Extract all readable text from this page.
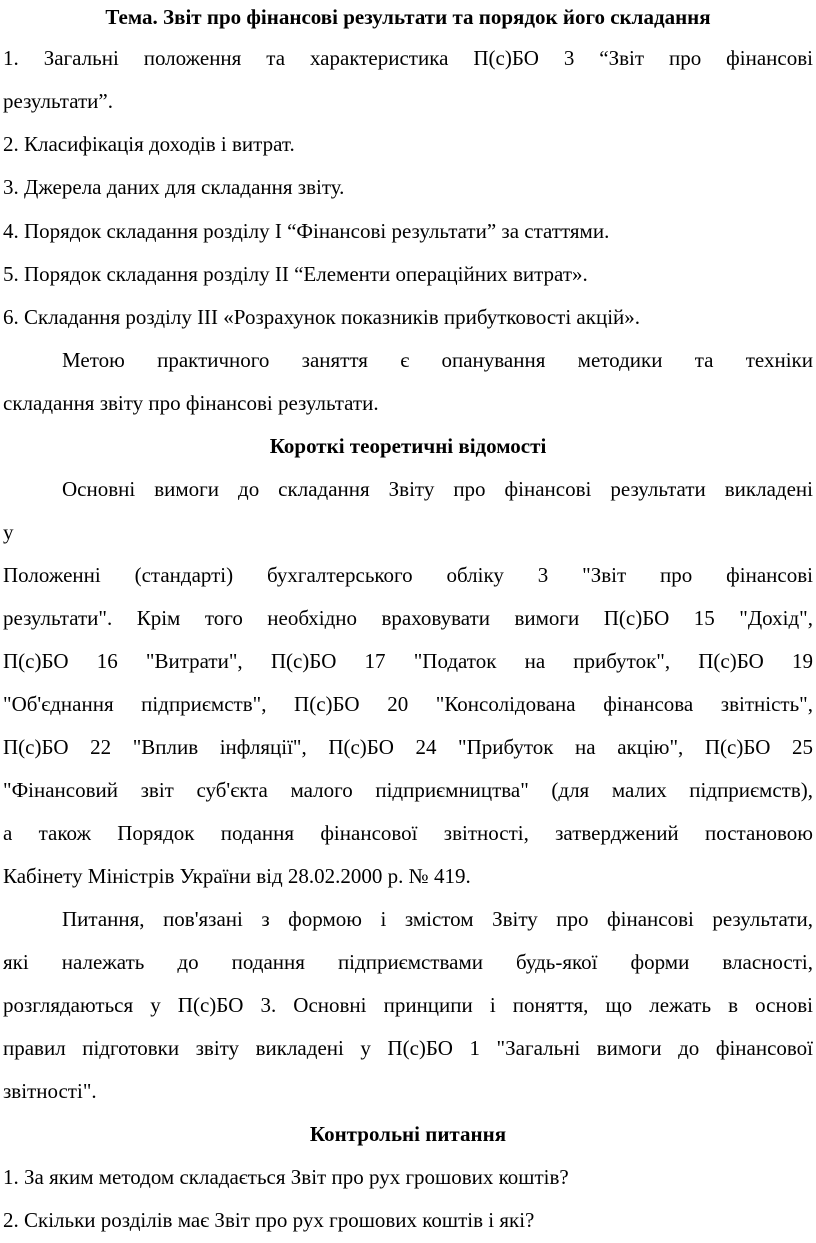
Тема. Звіт про фінансові результати та порядок його складання
1. Загальні положення та характеристика П(с)БО 3 “Звіт про фінансові
результати”.
2. Класифікація доходів і витрат.
3. Джерела даних для складання звіту.
4. Порядок складання розділу І “Фінансові результати” за статтями.
5. Порядок складання розділу ІІ “Елементи операційних витрат».
6. Складання розділу ІІІ «Розрахунок показників прибутковості акцій».
Метою практичного заняття є опанування методики та техніки
складання звіту про фінансові результати.
Короткі теоретичні відомості
Основні вимоги до складання Звіту про фінансові результати викладені
у
Положенні (стандарті) бухгалтерського обліку 3 "Звіт про фінансові
результати". Крім того необхідно враховувати вимоги П(с)БО 15 "Дохід",
П(с)БО 16 "Витрати", П(с)БО 17 "Податок на прибуток", П(с)БО 19
"Об'єднання підприємств", П(с)БО 20 "Консолідована фінансова звітність",
П(с)БО 22 "Вплив інфляції", П(с)БО 24 "Прибуток на акцію", П(с)БО 25
"Фінансовий звіт суб'єкта малого підприємництва" (для малих підприємств),
а також Порядок подання фінансової звітності, затверджений постановою
Кабінету Міністрів України від 28.02.2000 р. № 419.
Питання, пов'язані з формою і змістом Звіту про фінансові результати,
які належать до подання підприємствами будь-якої форми власності,
розглядаються у П(с)БО 3. Основні принципи і поняття, що лежать в основі
правил підготовки звіту викладені у П(с)БО 1 "Загальні вимоги до фінансової
звітності".
Контрольні питання
1. За яким методом складається Звіт про рух грошових коштів?
2. Скільки розділів має Звіт про рух грошових коштів і які?
